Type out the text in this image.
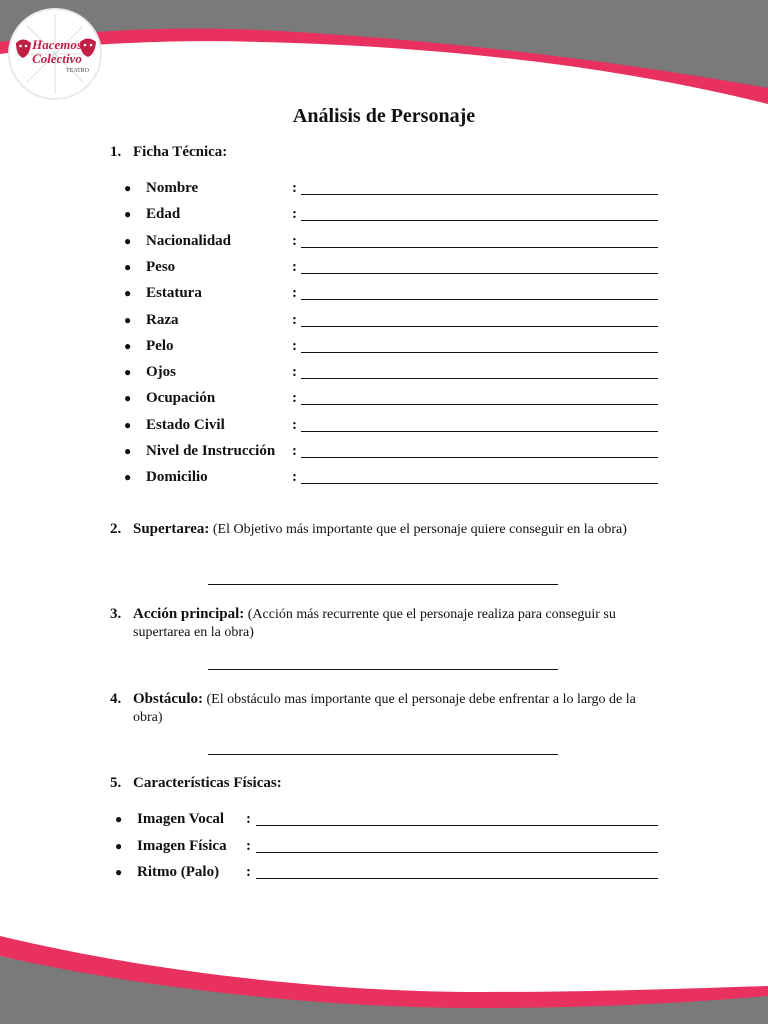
Hacemos Colectivo
TEATRO
Análisis de Personaje
1. Ficha Técnica:
● Nombre	:
● Edad	:
● Nacionalidad	:
● Peso	:
● Estatura	:
● Raza	:
● Pelo	:
● Ojos	:
● Ocupación	:
● Estado Civil	:
● Nivel de Instrucción :
● Domicilio	:
2. Supertarea: (El Objetivo más importante que el personaje quiere conseguir en la obra)
3. Acción principal: (Acción más recurrente que el personaje realiza para conseguir su supertarea en la obra)
4. Obstáculo: (El obstáculo mas importante que el personaje debe enfrentar a lo largo de la obra)
5. Características Físicas:
● Imagen Vocal :
● Imagen Física :
● Ritmo (Palo) :
